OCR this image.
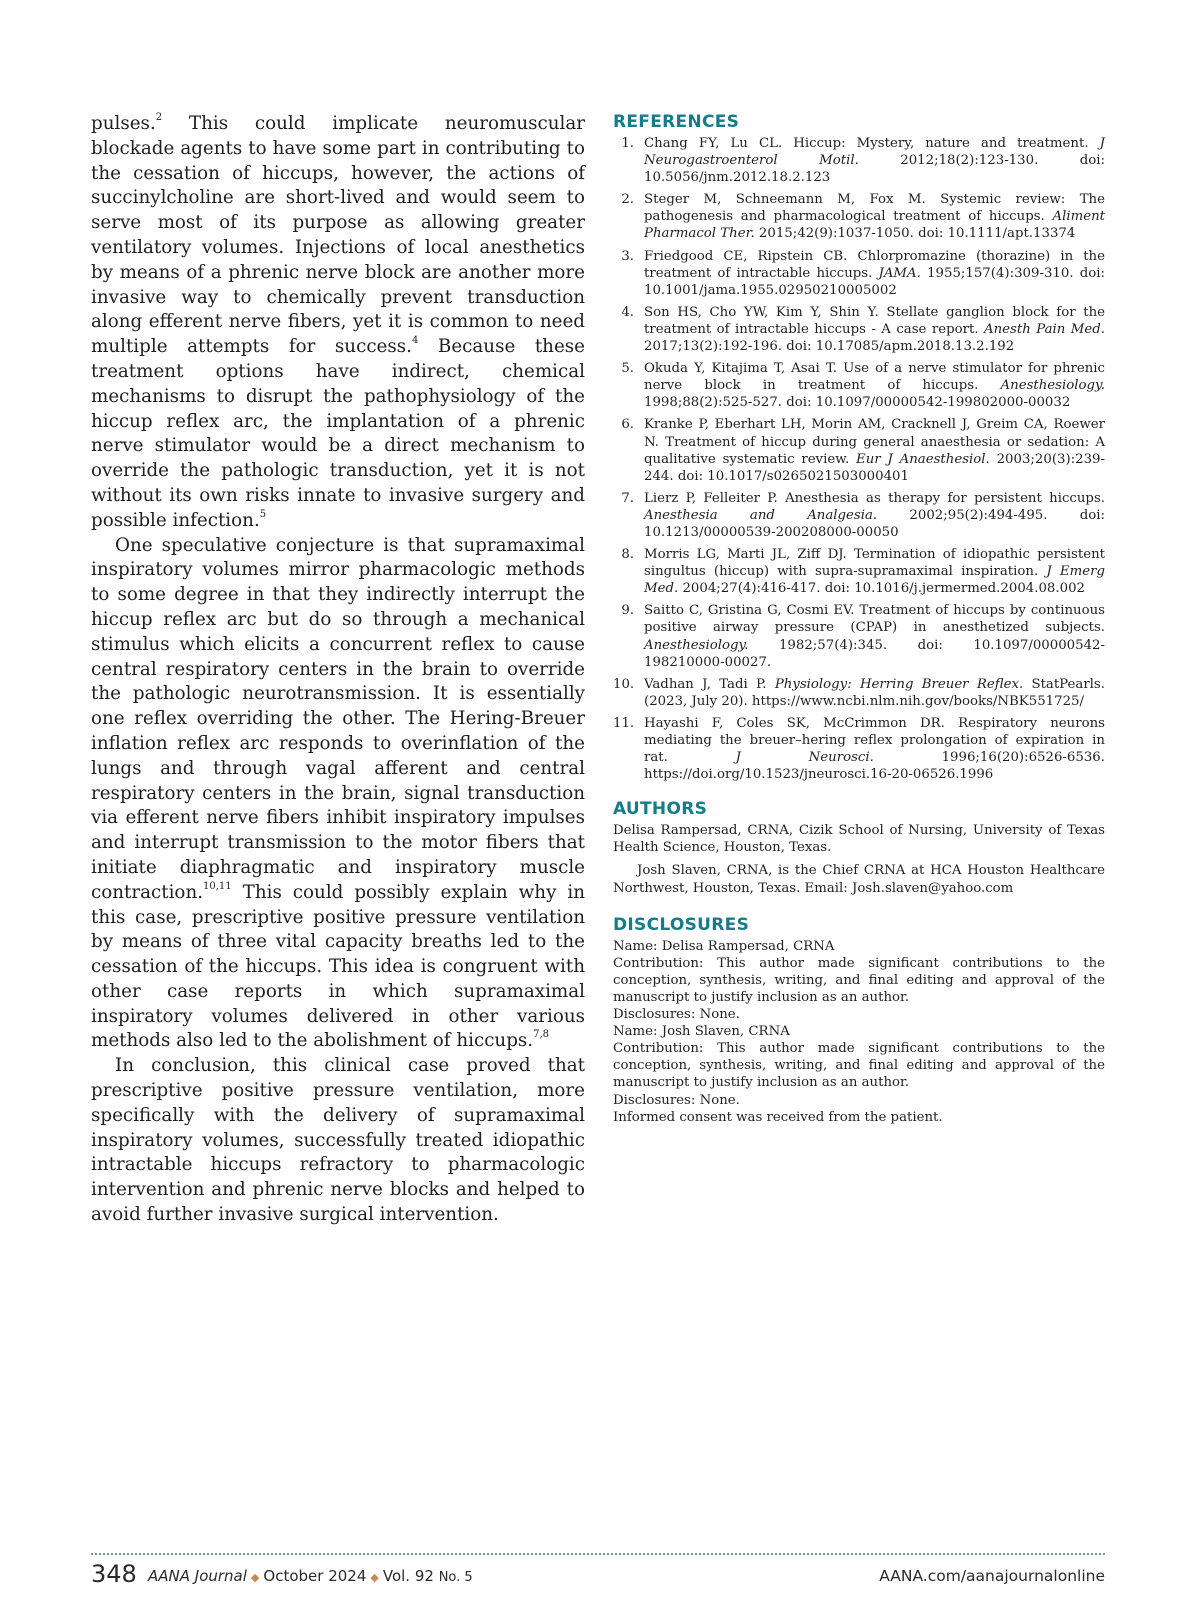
pulses.$^2$ This could implicate neuromuscular blockade agents to have some part in contributing to the cessation of hiccups, however, the actions of succinylcholine are short-lived and would seem to serve most of its purpose as allowing greater ventilatory volumes. Injections of local anesthetics by means of a phrenic nerve block are another more invasive way to chemically prevent transduction along efferent nerve fibers, yet it is common to need multiple attempts for success.$^4$ Because these treatment options have indirect, chemical mechanisms to disrupt the pathophysiology of the hiccup reflex arc, the implantation of a phrenic nerve stimulator would be a direct mechanism to override the pathologic transduction, yet it is not without its own risks innate to invasive surgery and possible infection.$^5$

One speculative conjecture is that supramaximal inspiratory volumes mirror pharmacologic methods to some degree in that they indirectly interrupt the hiccup reflex arc but do so through a mechanical stimulus which elicits a concurrent reflex to cause central respiratory centers in the brain to override the pathologic neurotransmission. It is essentially one reflex overriding the other. The Hering-Breuer inflation reflex arc responds to overinflation of the lungs and through vagal afferent and central respiratory centers in the brain, signal transduction via efferent nerve fibers inhibit inspiratory impulses and interrupt transmission to the motor fibers that initiate diaphragmatic and inspiratory muscle contraction.$^{10,11}$ This could possibly explain why in this case, prescriptive positive pressure ventilation by means of three vital capacity breaths led to the cessation of the hiccups. This idea is congruent with other case reports in which supramaximal inspiratory volumes delivered in other various methods also led to the abolishment of hiccups.$^{7,8}$

In conclusion, this clinical case proved that prescriptive positive pressure ventilation, more specifically with the delivery of supramaximal inspiratory volumes, successfully treated idiopathic intractable hiccups refractory to pharmacologic intervention and phrenic nerve blocks and helped to avoid further invasive surgical intervention.

REFERENCES
1. Chang FY, Lu CL. Hiccup: Mystery, nature and treatment. J Neurogastroenterol Motil. 2012;18(2):123-130. doi: 10.5056/jnm.2012.18.2.123
2. Steger M, Schneemann M, Fox M. Systemic review: The pathogenesis and pharmacological treatment of hiccups. Aliment Pharmacol Ther. 2015;42(9):1037-1050. doi: 10.1111/apt.13374
3. Friedgood CE, Ripstein CB. Chlorpromazine (thorazine) in the treatment of intractable hiccups. JAMA. 1955;157(4):309-310. doi: 10.1001/jama.1955.02950210005002
4. Son HS, Cho YW, Kim Y, Shin Y. Stellate ganglion block for the treatment of intractable hiccups - A case report. Anesth Pain Med. 2017;13(2):192-196. doi: 10.17085/apm.2018.13.2.192
5. Okuda Y, Kitajima T, Asai T. Use of a nerve stimulator for phrenic nerve block in treatment of hiccups. Anesthesiology. 1998;88(2):525-527. doi: 10.1097/00000542-199802000-00032
6. Kranke P, Eberhart LH, Morin AM, Cracknell J, Greim CA, Roewer N. Treatment of hiccup during general anaesthesia or sedation: A qualitative systematic review. Eur J Anaesthesiol. 2003;20(3):239-244. doi: 10.1017/s0265021503000401
7. Lierz P, Felleiter P. Anesthesia as therapy for persistent hiccups. Anesthesia and Analgesia. 2002;95(2):494-495. doi: 10.1213/00000539-200208000-00050
8. Morris LG, Marti JL, Ziff DJ. Termination of idiopathic persistent singultus (hiccup) with supra-supramaximal inspiration. J Emerg Med. 2004;27(4):416-417. doi: 10.1016/j.jermermed.2004.08.002
9. Saitto C, Gristina G, Cosmi EV. Treatment of hiccups by continuous positive airway pressure (CPAP) in anesthetized subjects. Anesthesiology. 1982;57(4):345. doi: 10.1097/00000542-198210000-00027.
10. Vadhan J, Tadi P. Physiology: Herring Breuer Reflex. StatPearls. (2023, July 20). https://www.ncbi.nlm.nih.gov/books/NBK551725/
11. Hayashi F, Coles SK, McCrimmon DR. Respiratory neurons mediating the breuer–hering reflex prolongation of expiration in rat. J Neurosci. 1996;16(20):6526-6536. https://doi.org/10.1523/jneurosci.16-20-06526.1996
AUTHORS

Delisa Rampersad, CRNA, Cizik School of Nursing, University of Texas Health Science, Houston, Texas.

Josh Slaven, CRNA, is the Chief CRNA at HCA Houston Healthcare Northwest, Houston, Texas. Email: Josh.slaven@yahoo.com

DISCLOSURES

Name: Delisa Rampersad, CRNA

Contribution: This author made significant contributions to the conception, synthesis, writing, and final editing and approval of the manuscript to justify inclusion as an author.

Disclosures: None.

Name: Josh Slaven, CRNA

Contribution: This author made significant contributions to the conception, synthesis, writing, and final editing and approval of the manuscript to justify inclusion as an author.

Disclosures: None.

Informed consent was received from the patient.

348 AANA Journal ◆ October 2024 ◆ Vol. 92 No. 5	AANA.com/aanajournalonline
